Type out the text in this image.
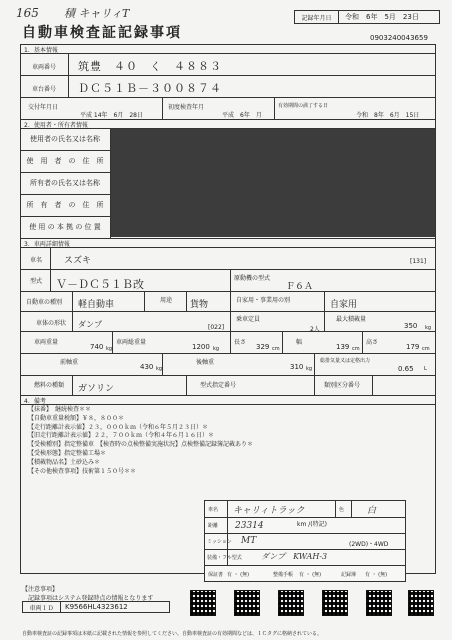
165 積 キャリィT	記録年月日	令和　6年　5月　23日
自動車検査証記録事項	0903240043659
1．基本情報
車両番号	筑豊　４０　く　４８８３
車台番号	ＤＣ５１Ｂ－３００８７４
交付年月日
平成 14年　6月　28日
初度検査年月
平成　6年　月
有効期間の満了する日
令和　8年　6月　15日
2．使用者・所有者情報
使用者の氏名又は名称
使　用　者　の　住　所
所有者の氏名又は名称
所　有　者　の　住　所
使 用 の 本 拠 の 位 置
3．車両詳細情報
車名 スズキ	[131]
型式 Ｖ－ＤＣ５１Ｂ改	原動機の型式
Ｆ６Ａ
自動車の種別 軽自動車	用途 貨物	自家用・事業用の別	自家用
車体の形状 ダンプ	[022]
乗車定員
2人
最大積載量
350 kg
車両重量
740 kg
車両総重量
1200 kg
長さ
329 cm
幅
139 cm
高さ
179 cm
前軸重
430 kg
後軸重
310 kg
総排気量又は定格出力
0.65 L
燃料の種類 ガソリン	型式指定番号	類別区分番号
4．備考
【抹番】　継続検査＊＊
【自動車重量税額】￥８，８００＊
【走行距離計表示値】２３，０００ｋｍ（令和６年５月２３日）＊
【旧走行距離計表示値】２２，７００ｋｍ（令和４年６月１６日）＊
【受検種別】指定整備車　【検査時の点検整備実施状況】点検整備記録簿記載あり＊
【受検形態】指定整備工場＊
【積載物品名】土砂込み＊
【その他検査事項】技術第１５０号＊＊
車名 キャリィトラック	色	白
距離 23314	km /(特記)
ミッション MT	(2WD)・4WD
装備・フル型式 ダンプ　KWAH-3
保証書 有 ・ (無)	整備手帳 有 ・ (無)	記録簿 有 ・ (無)
【注意事項】
記録事項はシステム登録時点の情報となります
車両ＩＤ	K9566HL4323612
自動車検査証の記録事項は本紙に記載された情報を参照してください。自動車検査証の有効期間などは、ＩＣタグに格納されている。
